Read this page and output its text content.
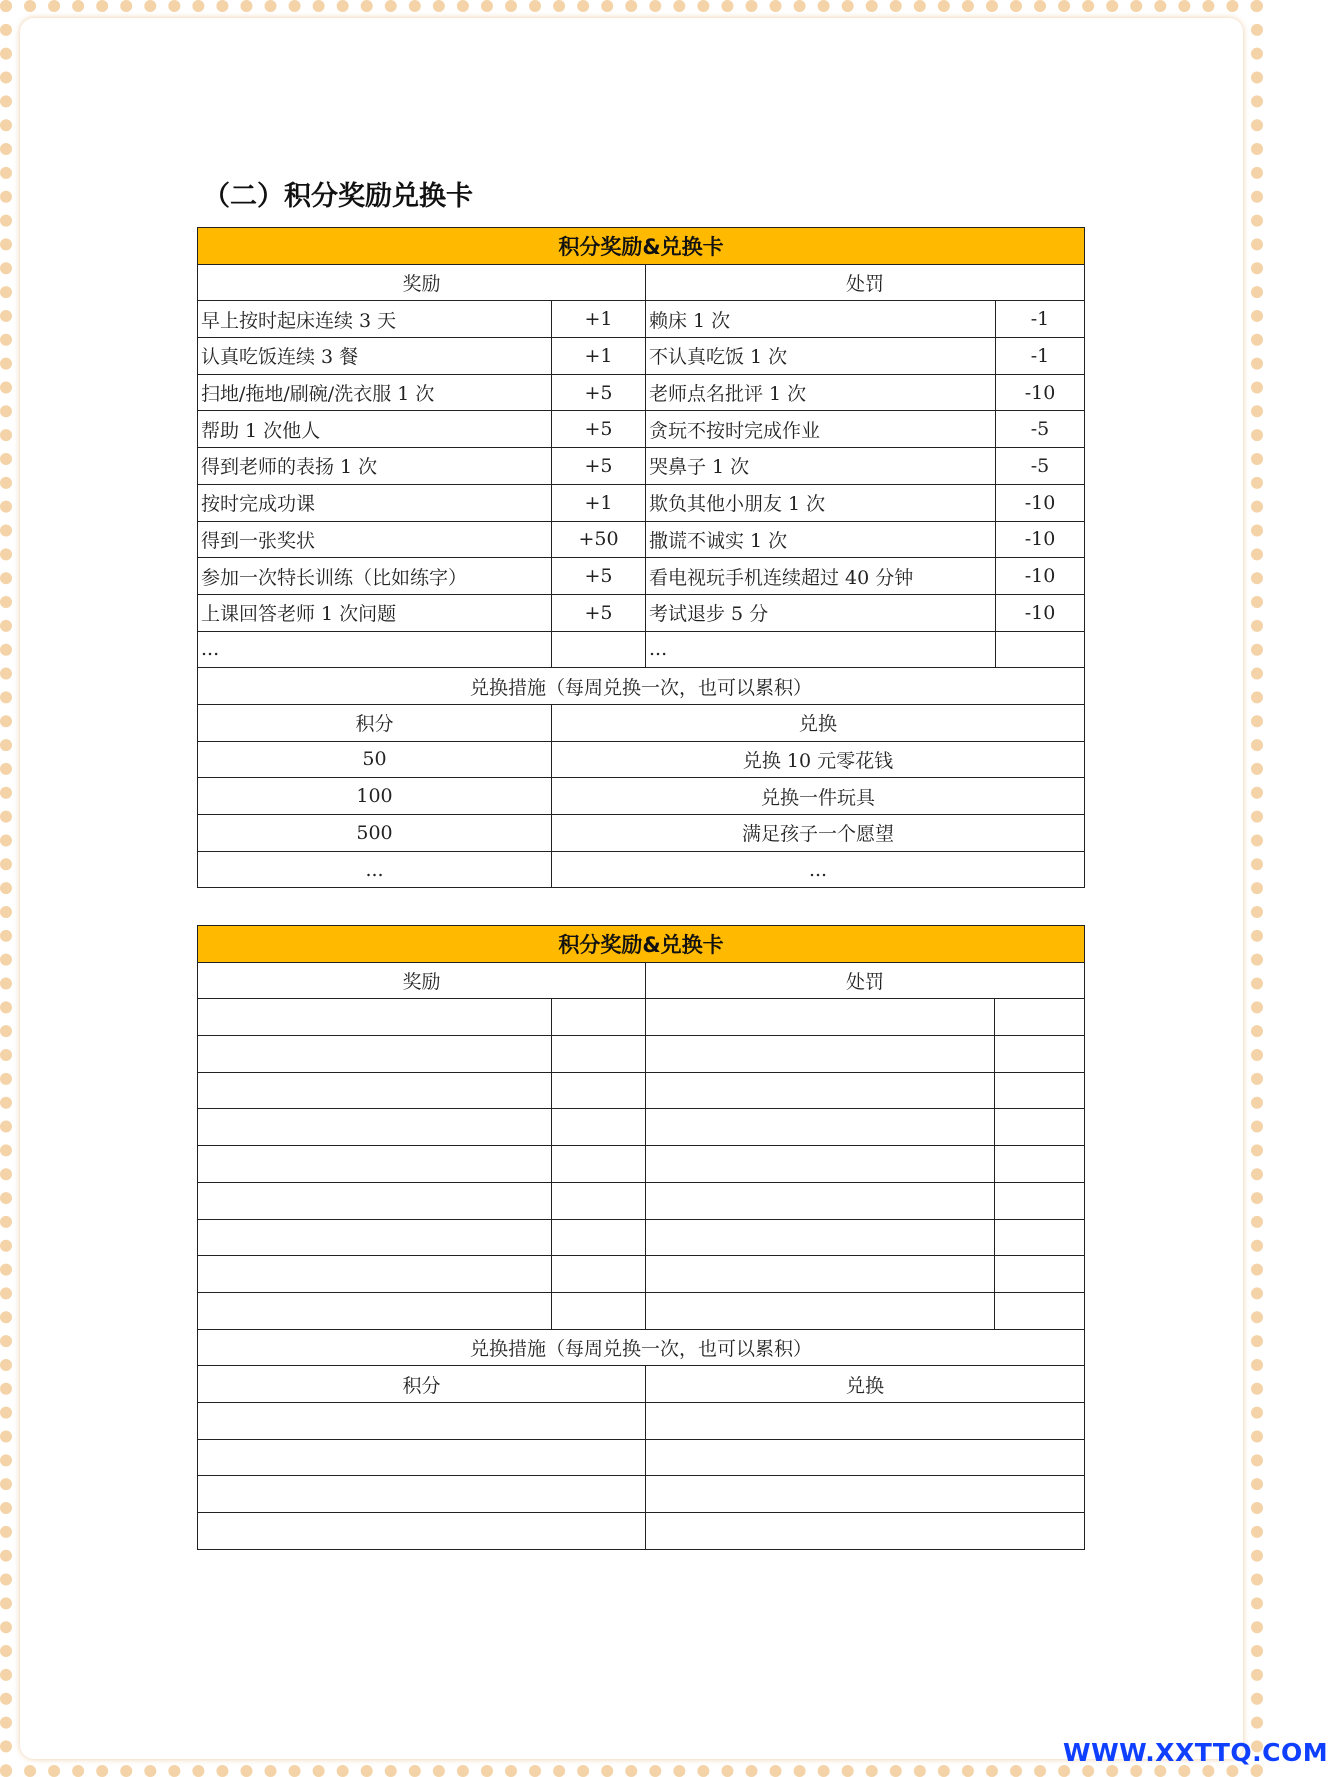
（二）积分奖励兑换卡
积分奖励&兑换卡			
奖励		处罚	
早上按时起床连续 3 天	+1	赖床 1 次	-1
认真吃饭连续 3 餐	+1	不认真吃饭 1 次	-1
扫地/拖地/刷碗/洗衣服 1 次	+5	老师点名批评 1 次	-10
帮助 1 次他人	+5	贪玩不按时完成作业	-5
得到老师的表扬 1 次	+5	哭鼻子 1 次	-5
按时完成功课	+1	欺负其他小朋友 1 次	-10
得到一张奖状	+50	撒谎不诚实 1 次	-10
参加一次特长训练（比如练字）	+5	看电视玩手机连续超过 40 分钟	-10
上课回答老师 1 次问题	+5	考试退步 5 分	-10
...		...	
兑换措施（每周兑换一次，也可以累积）			
积分	兑换		
50	兑换 10 元零花钱		
100	兑换一件玩具		
500	满足孩子一个愿望		
...	...		
积分奖励&兑换卡			
奖励		处罚	

兑换措施（每周兑换一次，也可以累积）			
积分		兑换	

WWW.XXTTQ.COM
